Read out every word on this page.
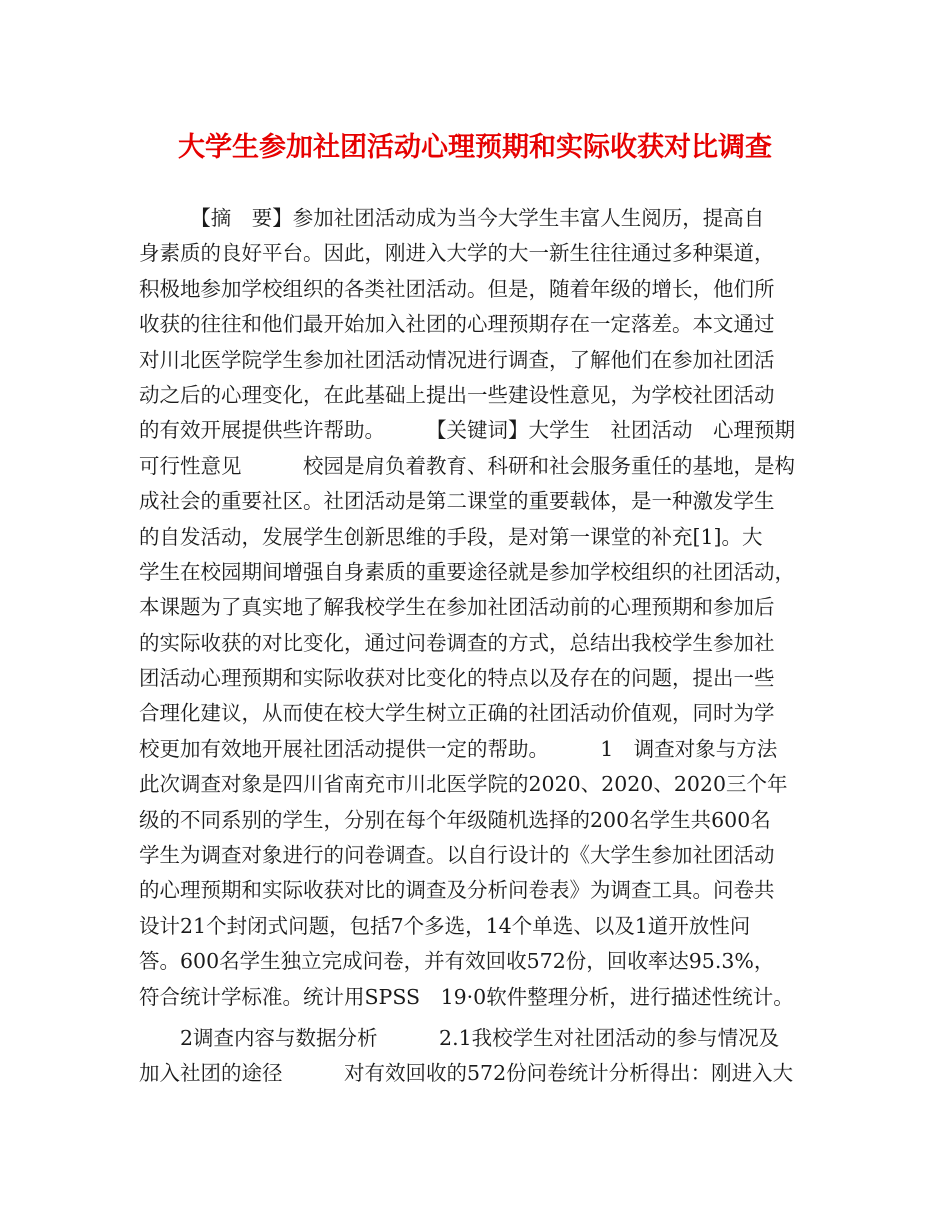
大学生参加社团活动心理预期和实际收获对比调查
　　　【摘　要】参加社团活动成为当今大学生丰富人生阅历，提高自
身素质的良好平台。因此，刚进入大学的大一新生往往通过多种渠道，
积极地参加学校组织的各类社团活动。但是，随着年级的增长，他们所
收获的往往和他们最开始加入社团的心理预期存在一定落差。本文通过
对川北医学院学生参加社团活动情况进行调查，了解他们在参加社团活
动之后的心理变化，在此基础上提出一些建设性意见，为学校社团活动
的有效开展提供些许帮助。　　　【关键词】大学生　社团活动　心理预期
可行性意见　　　校园是肩负着教育、科研和社会服务重任的基地，是构
成社会的重要社区。社团活动是第二课堂的重要载体，是一种激发学生
的自发活动，发展学生创新思维的手段，是对第一课堂的补充[1]。大
学生在校园期间增强自身素质的重要途径就是参加学校组织的社团活动，
本课题为了真实地了解我校学生在参加社团活动前的心理预期和参加后
的实际收获的对比变化，通过问卷调查的方式，总结出我校学生参加社
团活动心理预期和实际收获对比变化的特点以及存在的问题，提出一些
合理化建议，从而使在校大学生树立正确的社团活动价值观，同时为学
校更加有效地开展社团活动提供一定的帮助。　　　1　调查对象与方法
此次调查对象是四川省南充市川北医学院的2020、2020、2020三个年
级的不同系别的学生，分别在每个年级随机选择的200名学生共600名
学生为调查对象进行的问卷调查。以自行设计的《大学生参加社团活动
的心理预期和实际收获对比的调查及分析问卷表》为调查工具。问卷共
设计21个封闭式问题，包括7个多选，14个单选、以及1道开放性问
答。600名学生独立完成问卷，并有效回收572份，回收率达95.3%，
符合统计学标准。统计用SPSS　19·0软件整理分析，进行描述性统计。
　　2调查内容与数据分析　　　2.1我校学生对社团活动的参与情况及
加入社团的途径　　　对有效回收的572份问卷统计分析得出：刚进入大
